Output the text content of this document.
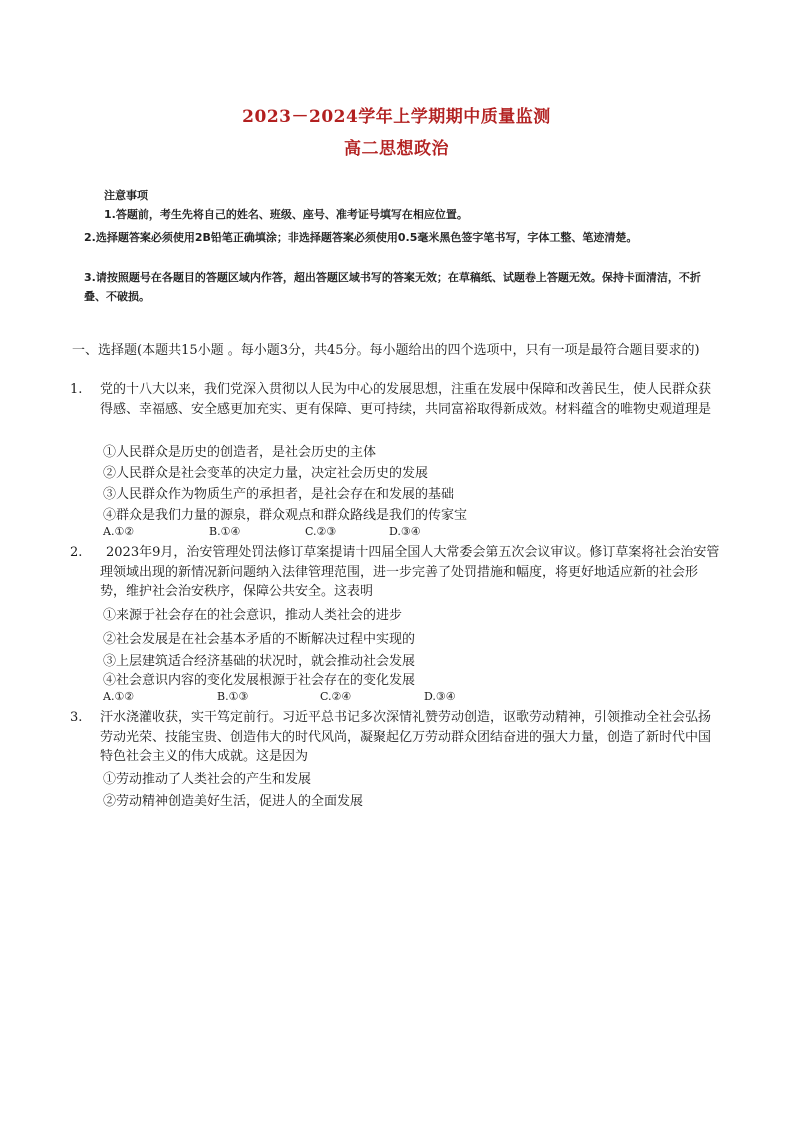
2023－2024学年上学期期中质量监测
高二思想政治

注意事项

1.答题前，考生先将自己的姓名、班级、座号、准考证号填写在相应位置。

2.选择题答案必须使用2B铅笔正确填涂；非选择题答案必须使用0.5毫米黑色签字笔书写，字体工整、笔迹清楚。

3.请按照题号在各题目的答题区域内作答，超出答题区域书写的答案无效；在草稿纸、试题卷上答题无效。保持卡面清洁，不折叠、不破损。

一、选择题(本题共15小题 。每小题3分，共45分。每小题给出的四个选项中，只有一项是最符合题目要求的)
1.	党的十八大以来，我们党深入贯彻以人民为中心的发展思想，注重在发展中保障和改善民生，使人民群众获得感、幸福感、安全感更加充实、更有保障、更可持续，共同富裕取得新成效。材料蕴含的唯物史观道理是
①人民群众是历史的创造者，是社会历史的主体
②人民群众是社会变革的决定力量，决定社会历史的发展
③人民群众作为物质生产的承担者，是社会存在和发展的基础
④群众是我们力量的源泉，群众观点和群众路线是我们的传家宝
A.①②	B.①④	C.②③	D.③④
2.	2023年9月，治安管理处罚法修订草案提请十四届全国人大常委会第五次会议审议。修订草案将社会治安管理领域出现的新情况新问题纳入法律管理范围，进一步完善了处罚措施和幅度，将更好地适应新的社会形势，维护社会治安秩序，保障公共安全。这表明
①来源于社会存在的社会意识，推动人类社会的进步
②社会发展是在社会基本矛盾的不断解决过程中实现的
③上层建筑适合经济基础的状况时，就会推动社会发展
④社会意识内容的变化发展根源于社会存在的变化发展
A.①②	B.①③	C.②④	D.③④
3.	汗水浇灌收获，实干笃定前行。习近平总书记多次深情礼赞劳动创造，讴歌劳动精神，引领推动全社会弘扬劳动光荣、技能宝贵、创造伟大的时代风尚，凝聚起亿万劳动群众团结奋进的强大力量，创造了新时代中国特色社会主义的伟大成就。这是因为
①劳动推动了人类社会的产生和发展
②劳动精神创造美好生活，促进人的全面发展
